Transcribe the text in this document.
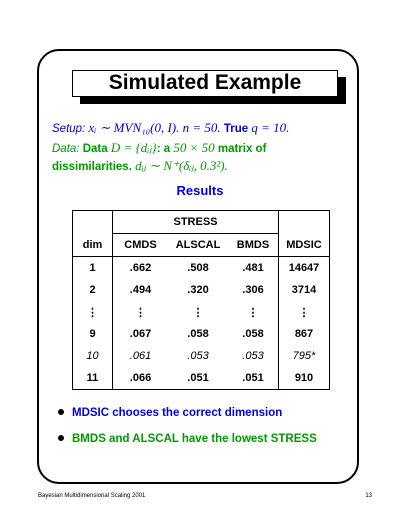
Simulated Example
Setup: xᵢ ∼ MVN₁₀(0, I). n = 50. True q = 10.
Data: Data D = {dᵢⱼ}: a 50 × 50 matrix of
dissimilarities. dᵢⱼ ∼ N⁺(δᵢⱼ, 0.3²).
Results
	STRESS			
dim	CMDS	ALSCAL	BMDS	MDSIC
1	.662	.508	.481	14647
2	.494	.320	.306	3714
⋮	⋮	⋮	⋮	⋮
9	.067	.058	.058	867
10	.061	.053	.053	795*
11	.066	.051	.051	910
MDSIC chooses the correct dimension
BMDS and ALSCAL have the lowest STRESS
Bayesian Multidimensional Scaling 2001	13
